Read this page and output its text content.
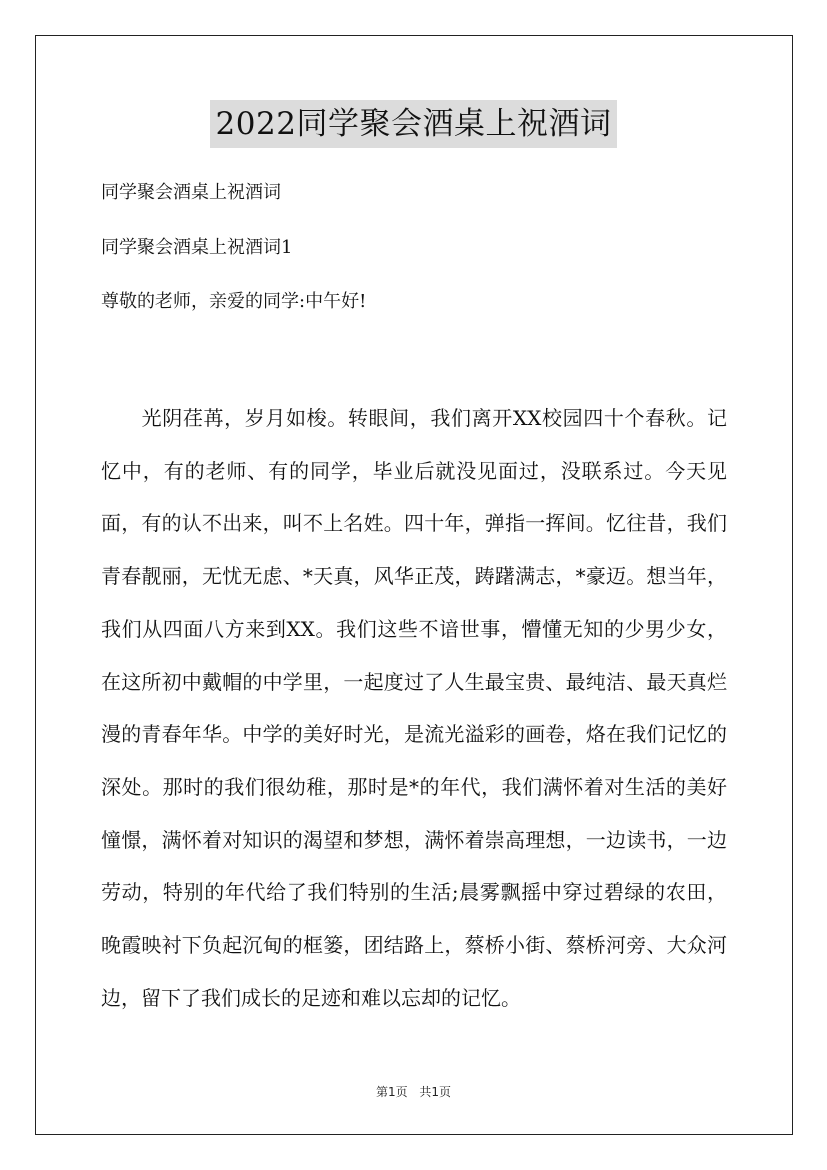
2022同学聚会酒桌上祝酒词
同学聚会酒桌上祝酒词
同学聚会酒桌上祝酒词1
尊敬的老师，亲爱的同学:中午好!
光阴荏苒，岁月如梭。转眼间，我们离开XX校园四十个春秋。记忆中，有的老师、有的同学，毕业后就没见面过，没联系过。今天见面，有的认不出来，叫不上名姓。四十年，弹指一挥间。忆往昔，我们青春靓丽，无忧无虑、*天真，风华正茂，踌躇满志，*豪迈。想当年，我们从四面八方来到XX。我们这些不谙世事，懵懂无知的少男少女，在这所初中戴帽的中学里，一起度过了人生最宝贵、最纯洁、最天真烂漫的青春年华。中学的美好时光，是流光溢彩的画卷，烙在我们记忆的深处。那时的我们很幼稚，那时是*的年代，我们满怀着对生活的美好憧憬，满怀着对知识的渴望和梦想，满怀着崇高理想，一边读书，一边劳动，特别的年代给了我们特别的生活;晨雾飘摇中穿过碧绿的农田，晚霞映衬下负起沉甸的框篓，团结路上，蔡桥小街、蔡桥河旁、大众河边，留下了我们成长的足迹和难以忘却的记忆。
第1页 共1页
